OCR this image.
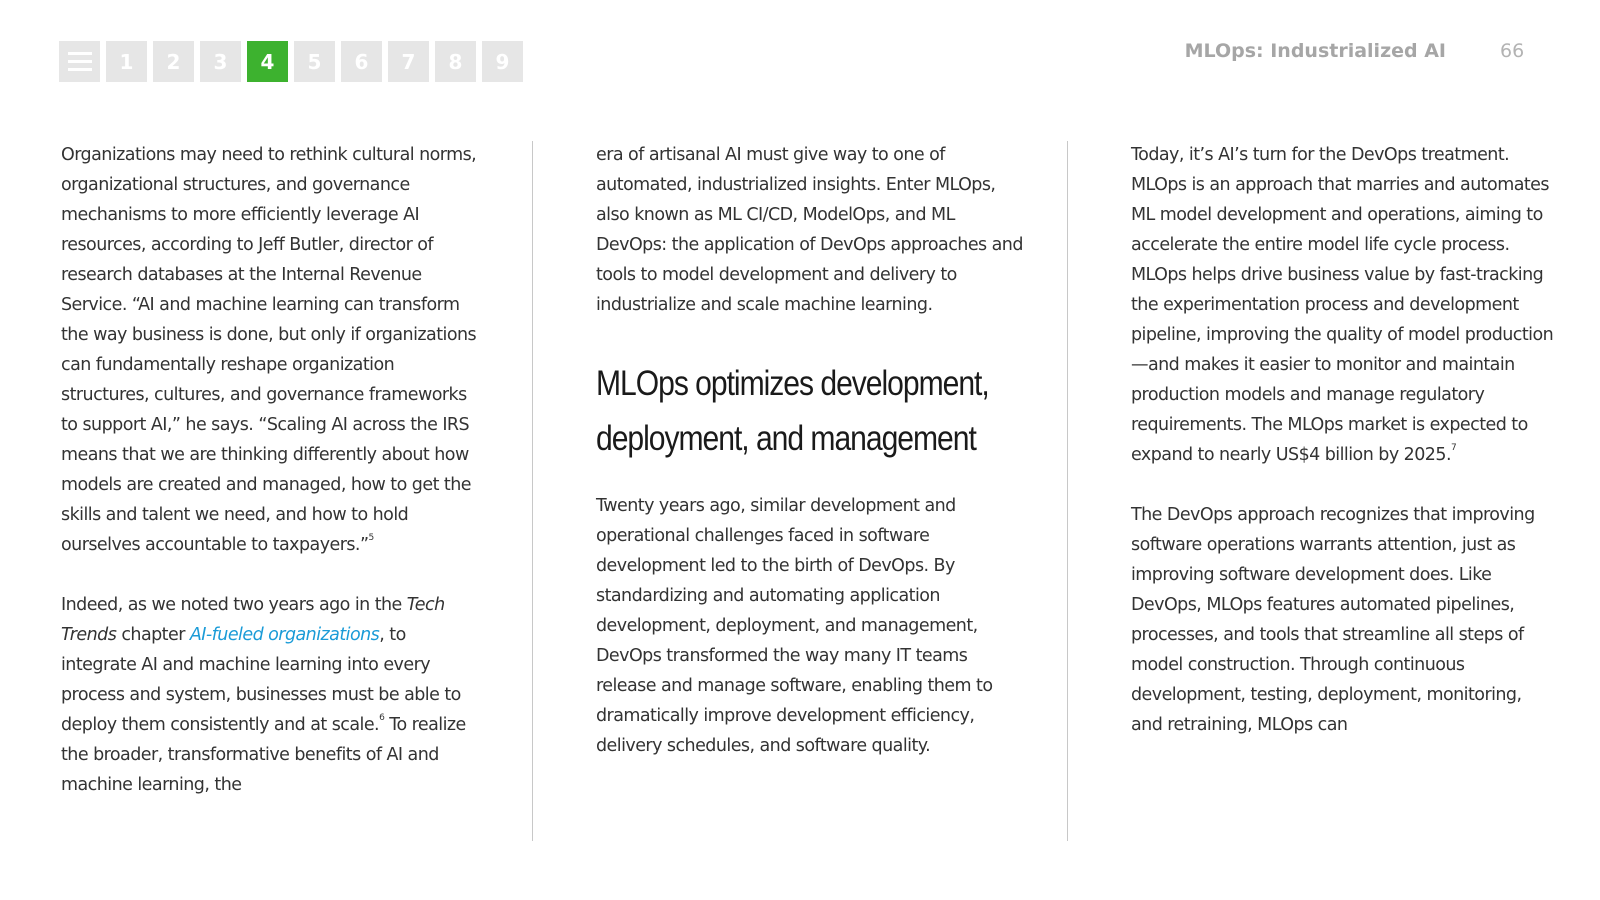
1	2	3	4	5	6	7	8	9	MLOps: Industrialized AI	66

Organizations may need to rethink cultural norms, organizational structures, and governance mechanisms to more efficiently leverage AI resources, according to Jeff Butler, director of research databases at the Internal Revenue Service. “AI and machine learning can transform the way business is done, but only if organizations can fundamentally reshape organization structures, cultures, and governance frameworks to support AI,” he says. “Scaling AI across the IRS means that we are thinking differently about how models are created and managed, how to get the skills and talent we need, and how to hold ourselves accountable to taxpayers.”$^5$

Indeed, as we noted two years ago in the Tech Trends chapter AI-fueled organizations, to integrate AI and machine learning into every process and system, businesses must be able to deploy them consistently and at scale.$^6$ To realize the broader, transformative benefits of AI and machine learning, the

era of artisanal AI must give way to one of automated, industrialized insights. Enter MLOps, also known as ML CI/CD, ModelOps, and ML DevOps: the application of DevOps approaches and tools to model development and delivery to industrialize and scale machine learning.

MLOps optimizes development, deployment, and management

Twenty years ago, similar development and operational challenges faced in software development led to the birth of DevOps. By standardizing and automating application development, deployment, and management, DevOps transformed the way many IT teams release and manage software, enabling them to dramatically improve development efficiency, delivery schedules, and software quality.

Today, it’s AI’s turn for the DevOps treatment. MLOps is an approach that marries and automates ML model development and operations, aiming to accelerate the entire model life cycle process. MLOps helps drive business value by fast-tracking the experimentation process and development pipeline, improving the quality of model production—and makes it easier to monitor and maintain production models and manage regulatory requirements. The MLOps market is expected to expand to nearly US$4 billion by 2025.$^7$

The DevOps approach recognizes that improving software operations warrants attention, just as improving software development does. Like DevOps, MLOps features automated pipelines, processes, and tools that streamline all steps of model construction. Through continuous development, testing, deployment, monitoring, and retraining, MLOps can
